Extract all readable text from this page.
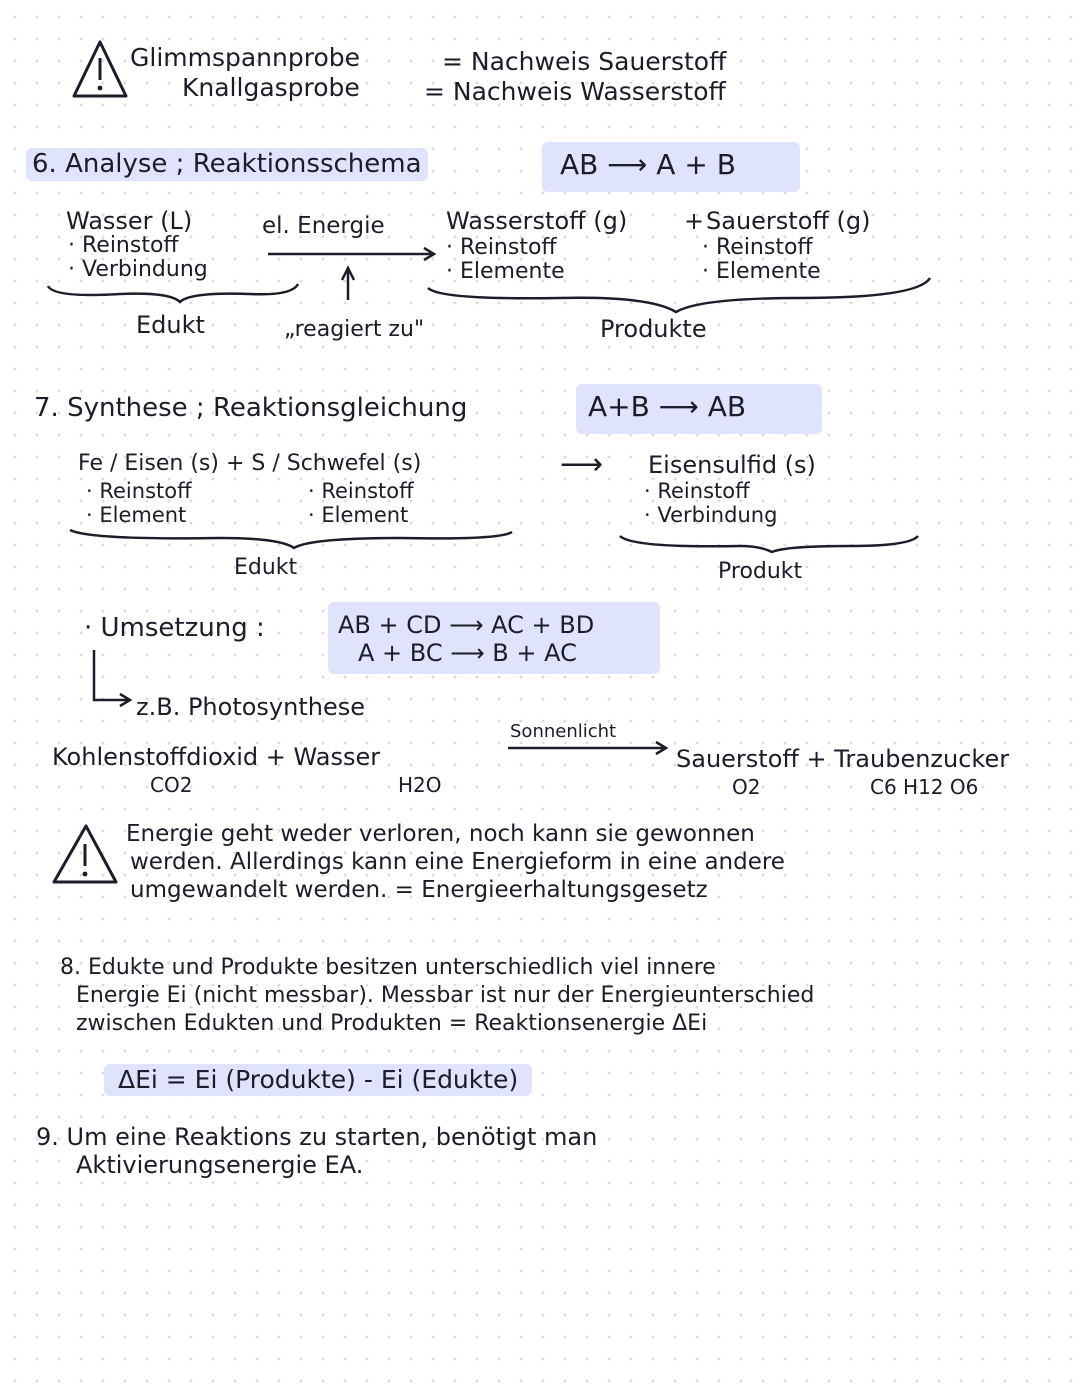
Glimmspannprobe	= Nachweis Sauerstoff
Knallgasprobe	= Nachweis Wasserstoff
6. Analyse ; Reaktionsschema	AB ⟶ A + B
Wasser (L)	el. Energie
· Reinstoff
· Verbindung
Wasserstoff (g) + Sauerstoff (g)
· Reinstoff
· Elemente
· Reinstoff
· Elemente
Edukt	„reagiert zu"	Produkte
7. Synthese ; Reaktionsgleichung	A+B ⟶ AB
Fe / Eisen (s) + S / Schwefel (s)	⟶ Eisensulfid (s)
· Reinstoff
· Element
· Reinstoff
· Element
· Reinstoff
· Verbindung
Edukt	Produkt
· Umsetzung :	AB + CD ⟶ AC + BD
A + BC ⟶ B + AC
z.B. Photosynthese
Sonnenlicht
Kohlenstoffdioxid + Wasser	Sauerstoff + Traubenzucker
CO2	H2O	O2	C6 H12 O6
Energie geht weder verloren, noch kann sie gewonnen
werden. Allerdings kann eine Energieform in eine andere
umgewandelt werden. = Energieerhaltungsgesetz
8. Edukte und Produkte besitzen unterschiedlich viel innere
Energie Ei (nicht messbar). Messbar ist nur der Energieunterschied
zwischen Edukten und Produkten = Reaktionsenergie ΔEi
ΔEi = Ei (Produkte) - Ei (Edukte)
9. Um eine Reaktions zu starten, benötigt man
Aktivierungsenergie EA.
